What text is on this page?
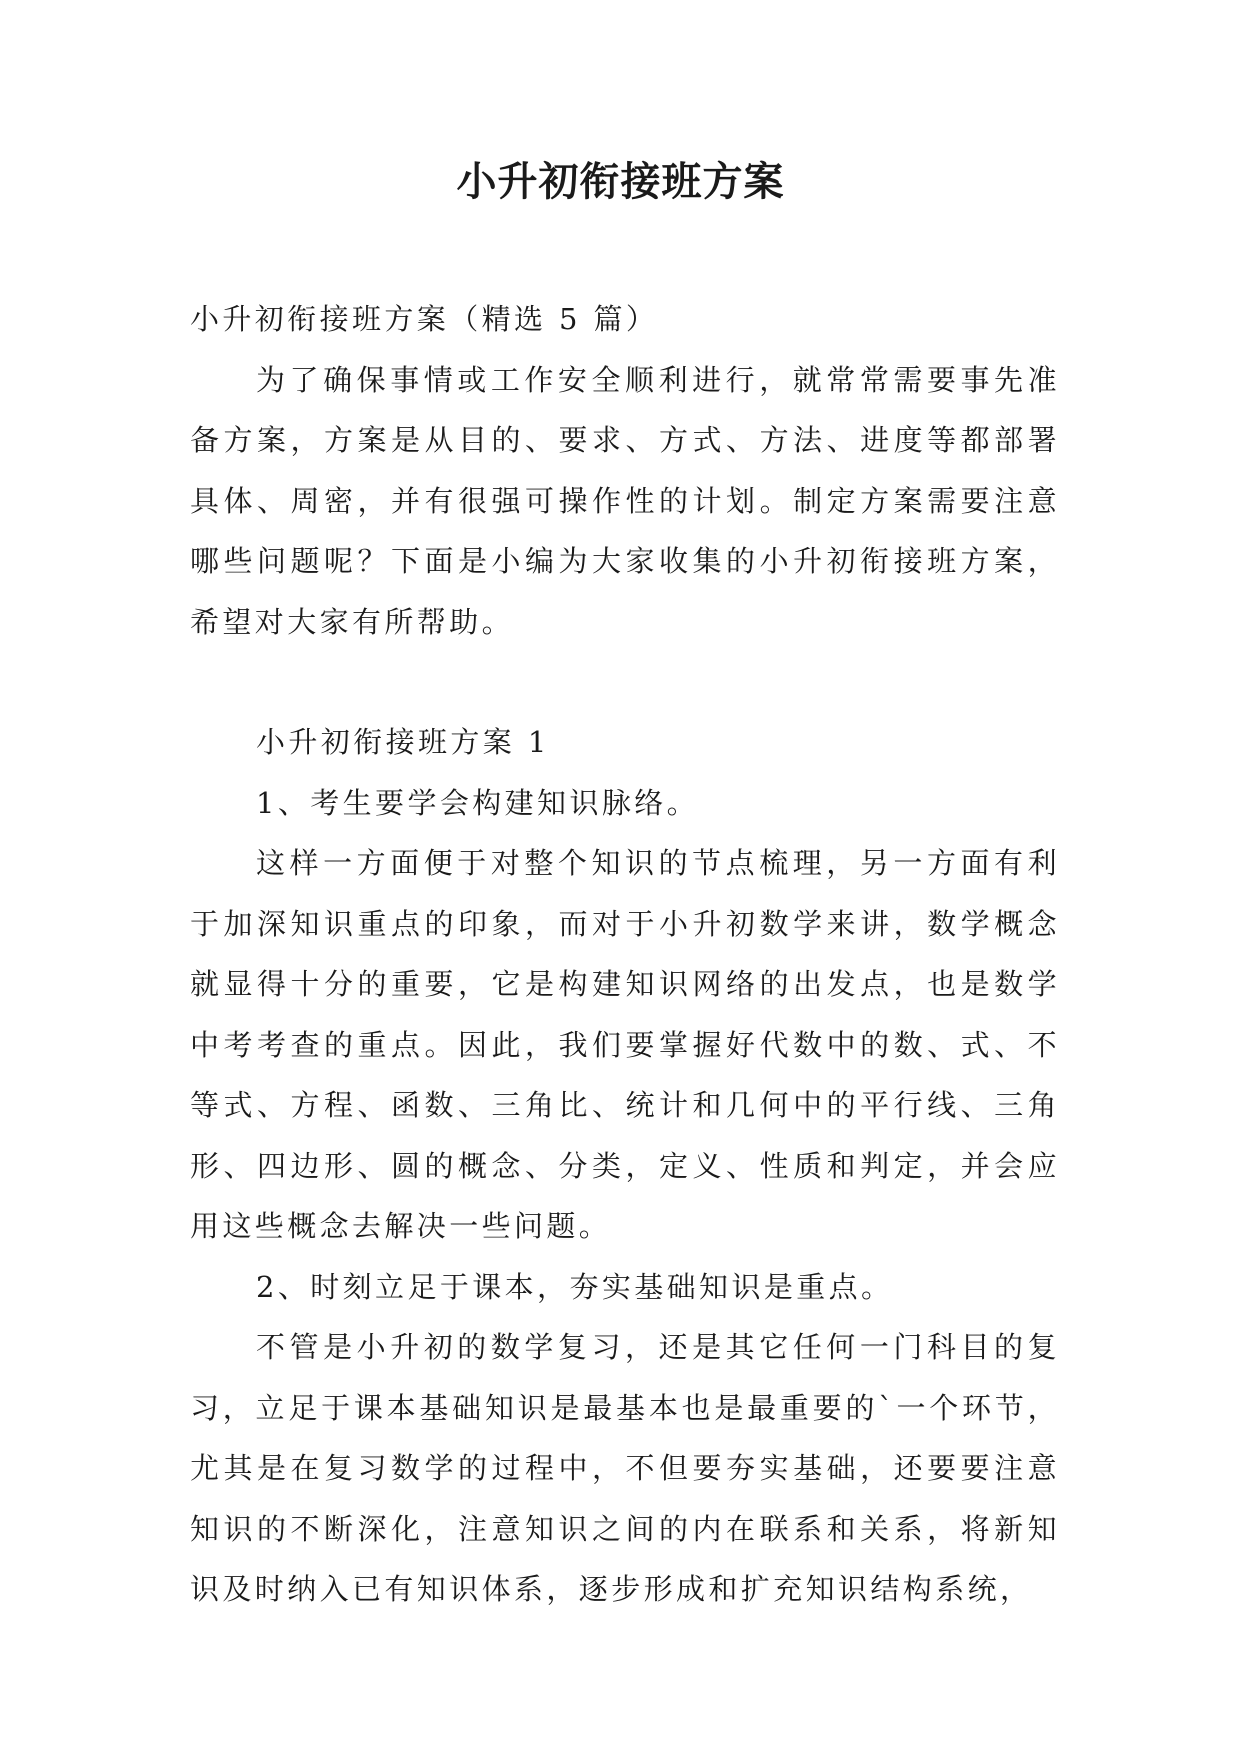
小升初衔接班方案

小升初衔接班方案（精选 5 篇）

为了确保事情或工作安全顺利进行，就常常需要事先准备方案，方案是从目的、要求、方式、方法、进度等都部署具体、周密，并有很强可操作性的计划。制定方案需要注意哪些问题呢？下面是小编为大家收集的小升初衔接班方案，希望对大家有所帮助。

小升初衔接班方案 1

1、考生要学会构建知识脉络。

这样一方面便于对整个知识的节点梳理，另一方面有利于加深知识重点的印象，而对于小升初数学来讲，数学概念就显得十分的重要，它是构建知识网络的出发点，也是数学中考考查的重点。因此，我们要掌握好代数中的数、式、不等式、方程、函数、三角比、统计和几何中的平行线、三角形、四边形、圆的概念、分类，定义、性质和判定，并会应用这些概念去解决一些问题。

2、时刻立足于课本，夯实基础知识是重点。

不管是小升初的数学复习，还是其它任何一门科目的复习，立足于课本基础知识是最基本也是最重要的`一个环节，尤其是在复习数学的过程中，不但要夯实基础，还要要注意知识的不断深化，注意知识之间的内在联系和关系，将新知识及时纳入已有知识体系，逐步形成和扩充知识结构系统，
